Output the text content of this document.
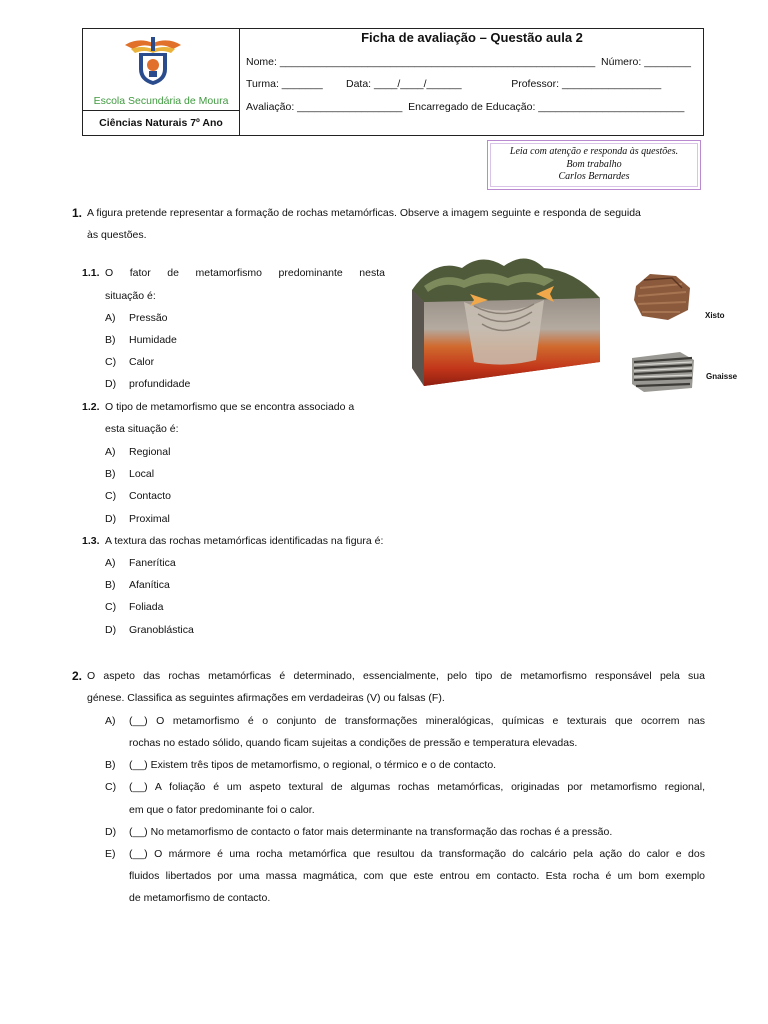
Escola Secundária de Moura
Ciências Naturais 7º Ano
Ficha de avaliação – Questão aula 2
Nome: ______________________________________________________  Número: ________
Turma: _______        Data: ____/____/______                 Professor: _________________
Avaliação: __________________  Encarregado de Educação: _________________________
Leia com atenção e responda às questões.
Bom trabalho
Carlos Bernardes
1. A figura pretende representar a formação de rochas metamórficas. Observe a imagem seguinte e responda de seguida
às questões.
1.1. O fator de metamorfismo predominante nesta
situação é:
A) Pressão
B) Humidade
C) Calor
D) profundidade
1.2. O tipo de metamorfismo que se encontra associado a
esta situação é:
A) Regional
B) Local
C) Contacto
D) Proximal
1.3. A textura das rochas metamórficas identificadas na figura é:
A) Fanerítica
B) Afanítica
C) Foliada
D) Granoblástica
Xisto
Gnaisse
2. O aspeto das rochas metamórficas é determinado, essencialmente, pelo tipo de metamorfismo responsável pela sua
génese. Classifica as seguintes afirmações em verdadeiras (V) ou falsas (F).
A) (__) O metamorfismo é o conjunto de transformações mineralógicas, químicas e texturais que ocorrem nas
rochas no estado sólido, quando ficam sujeitas a condições de pressão e temperatura elevadas.
B) (__) Existem três tipos de metamorfismo, o regional, o térmico e o de contacto.
C) (__) A foliação é um aspeto textural de algumas rochas metamórficas, originadas por metamorfismo regional,
em que o fator predominante foi o calor.
D) (__) No metamorfismo de contacto o fator mais determinante na transformação das rochas é a pressão.
E) (__) O mármore é uma rocha metamórfica que resultou da transformação do calcário pela ação do calor e dos
fluidos libertados por uma massa magmática, com que este entrou em contacto. Esta rocha é um bom exemplo
de metamorfismo de contacto.
